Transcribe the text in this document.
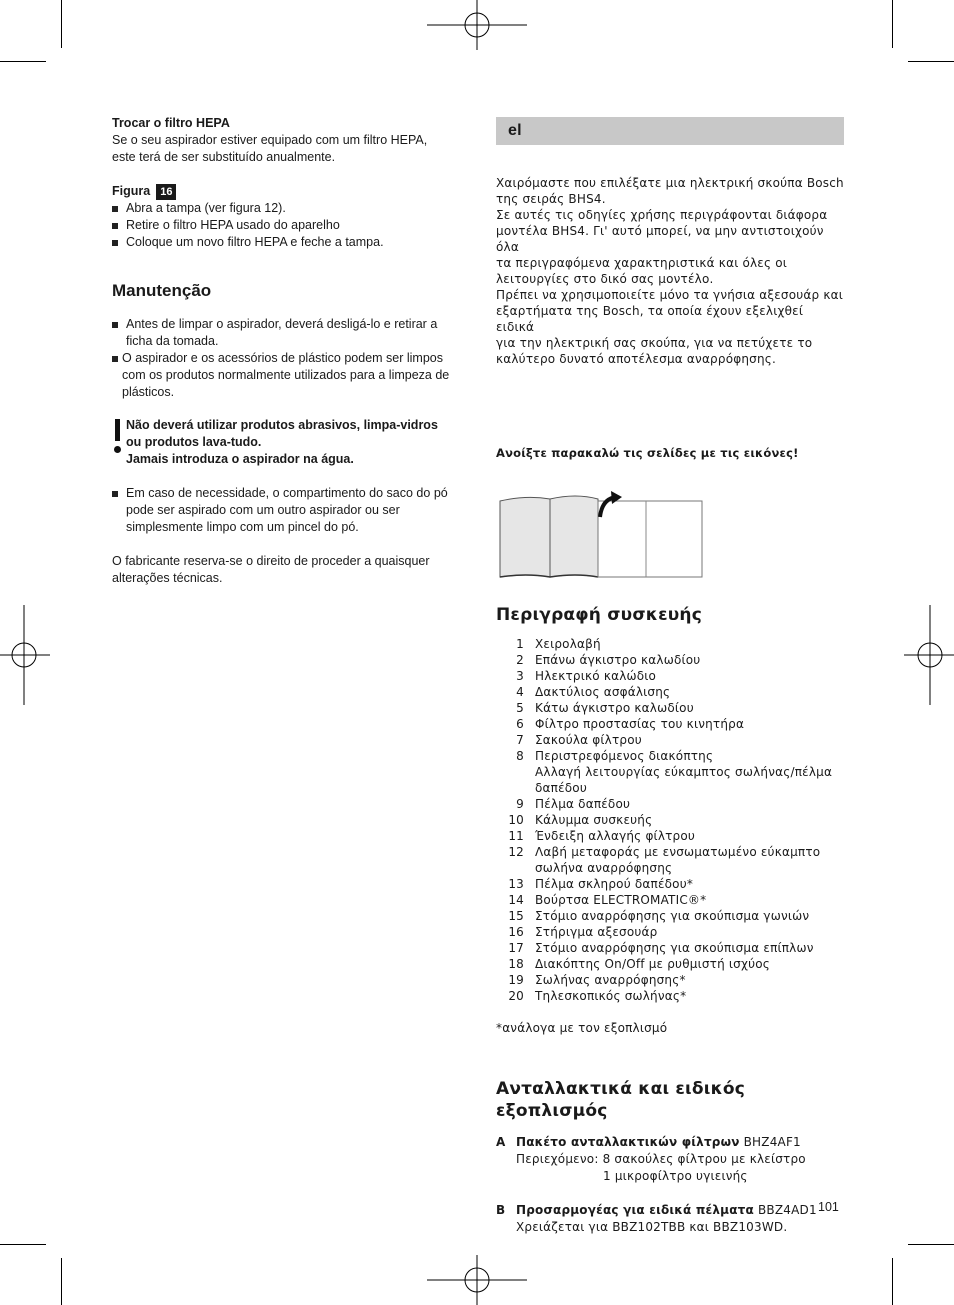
Trocar o filtro HEPA
Se o seu aspirador estiver equipado com um filtro HEPA,
este terá de ser substituído anualmente.
Figura 16
Abra a tampa (ver figura 12).
Retire o filtro HEPA usado do aparelho
Coloque um novo filtro HEPA e feche a tampa.
Manutenção
Antes de limpar o aspirador, deverá desligá-lo e retirar a
ficha da tomada.
O aspirador e os acessórios de plástico podem ser limpos
com os produtos normalmente utilizados para a limpeza de
plásticos.
Não deverá utilizar produtos abrasivos, limpa-vidros
ou produtos lava-tudo.
Jamais introduza o aspirador na água.
Em caso de necessidade, o compartimento do saco do pó
pode ser aspirado com um outro aspirador ou ser
simplesmente limpo com um pincel do pó.
O fabricante reserva-se o direito de proceder a quaisquer
alterações técnicas.
el
Χαιρόμαστε που επιλέξατε μια ηλεκτρική σκούπα Bosch
της σειράς BHS4.
Σε αυτές τις οδηγίες χρήσης περιγράφονται διάφορα
μοντέλα BHS4. Γι' αυτό μπορεί, να μην αντιστοιχούν όλα
τα περιγραφόμενα χαρακτηριστικά και όλες οι
λειτουργίες στο δικό σας μοντέλο.
Πρέπει να χρησιμοποιείτε μόνο τα γνήσια αξεσουάρ και
εξαρτήματα της Bosch, τα οποία έχουν εξελιχθεί ειδικά
για την ηλεκτρική σας σκούπα, για να πετύχετε το
καλύτερο δυνατό αποτέλεσμα αναρρόφησης.
Ανοίξτε παρακαλώ τις σελίδες με τις εικόνες!
Περιγραφή συσκευής
1 Χειρολαβή
2 Επάνω άγκιστρο καλωδίου
3 Ηλεκτρικό καλώδιο
4 Δακτύλιος ασφάλισης
5 Κάτω άγκιστρο καλωδίου
6 Φίλτρο προστασίας του κινητήρα
7 Σακούλα φίλτρου
8 Περιστρεφόμενος διακόπτης
Αλλαγή λειτουργίας εύκαμπτος σωλήνας/πέλμα
δαπέδου
9 Πέλμα δαπέδου
10 Κάλυμμα συσκευής
11 Ένδειξη αλλαγής φίλτρου
12 Λαβή μεταφοράς με ενσωματωμένο εύκαμπτο
σωλήνα αναρρόφησης
13 Πέλμα σκληρού δαπέδου*
14 Βούρτσα ELECTROMATIC®*
15 Στόμιο αναρρόφησης για σκούπισμα γωνιών
16 Στήριγμα αξεσουάρ
17 Στόμιο αναρρόφησης για σκούπισμα επίπλων
18 Διακόπτης On/Off με ρυθμιστή ισχύος
19 Σωλήνας αναρρόφησης*
20 Τηλεσκοπικός σωλήνας*
*ανάλογα με τον εξοπλισμό
Ανταλλακτικά και ειδικός εξοπλισμός
A Πακέτο ανταλλακτικών φίλτρων BHZ4AF1
Περιεχόμενο: 8 σακούλες φίλτρου με κλείστρο
1 μικροφίλτρο υγιεινής
B Προσαρμογέας για ειδικά πέλματα BBZ4AD1
Χρειάζεται για BBZ102TBB και BBZ103WD.
101
